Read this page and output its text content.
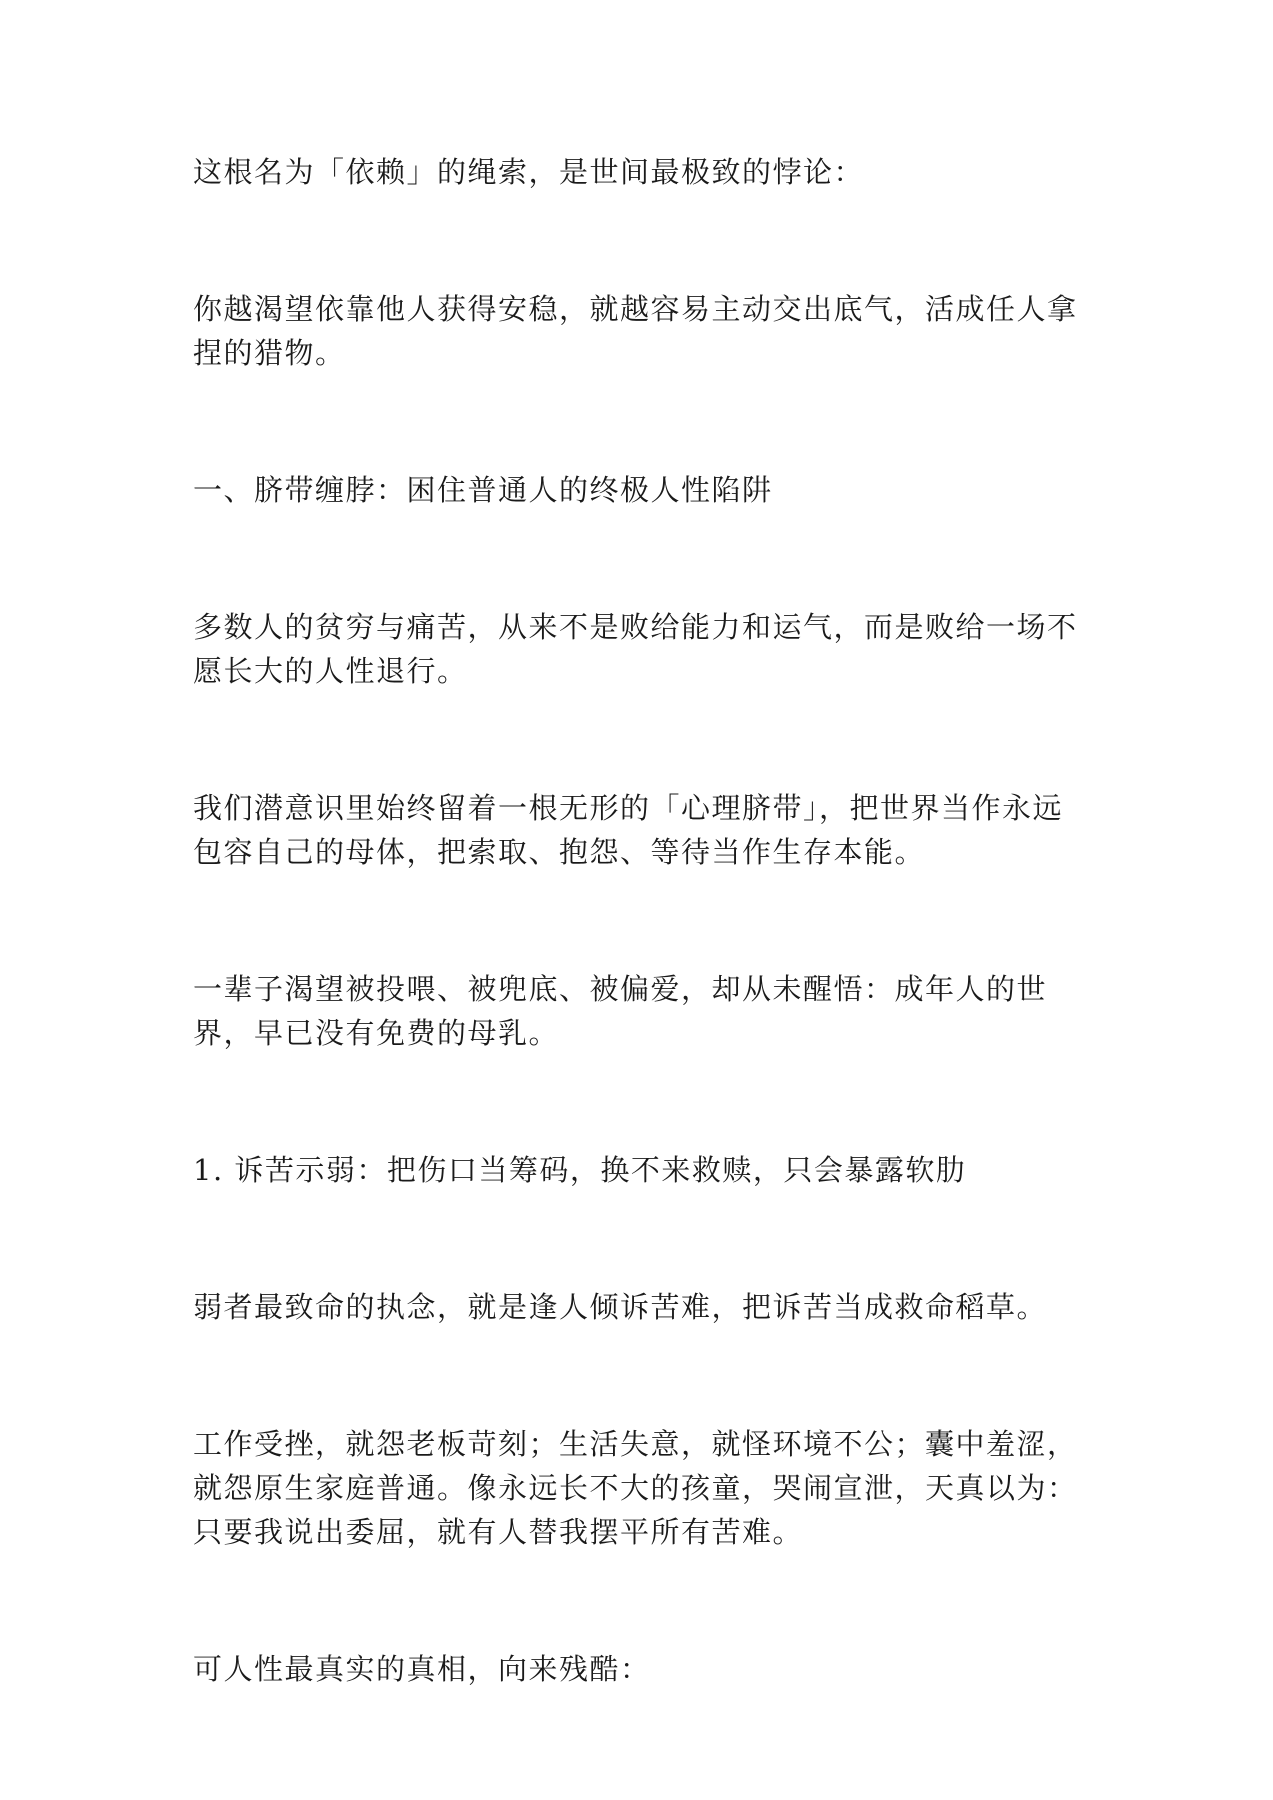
这根名为「依赖」的绳索，是世间最极致的悖论：

你越渴望依靠他人获得安稳，就越容易主动交出底气，活成任人拿捏的猎物。

一、脐带缠脖：困住普通人的终极人性陷阱

多数人的贫穷与痛苦，从来不是败给能力和运气，而是败给一场不愿长大的人性退行。

我们潜意识里始终留着一根无形的「心理脐带」，把世界当作永远包容自己的母体，把索取、抱怨、等待当作生存本能。

一辈子渴望被投喂、被兜底、被偏爱，却从未醒悟：成年人的世界，早已没有免费的母乳。

1. 诉苦示弱：把伤口当筹码，换不来救赎，只会暴露软肋

弱者最致命的执念，就是逢人倾诉苦难，把诉苦当成救命稻草。

工作受挫，就怨老板苛刻；生活失意，就怪环境不公；囊中羞涩，就怨原生家庭普通。像永远长不大的孩童，哭闹宣泄，天真以为：只要我说出委屈，就有人替我摆平所有苦难。

可人性最真实的真相，向来残酷：
